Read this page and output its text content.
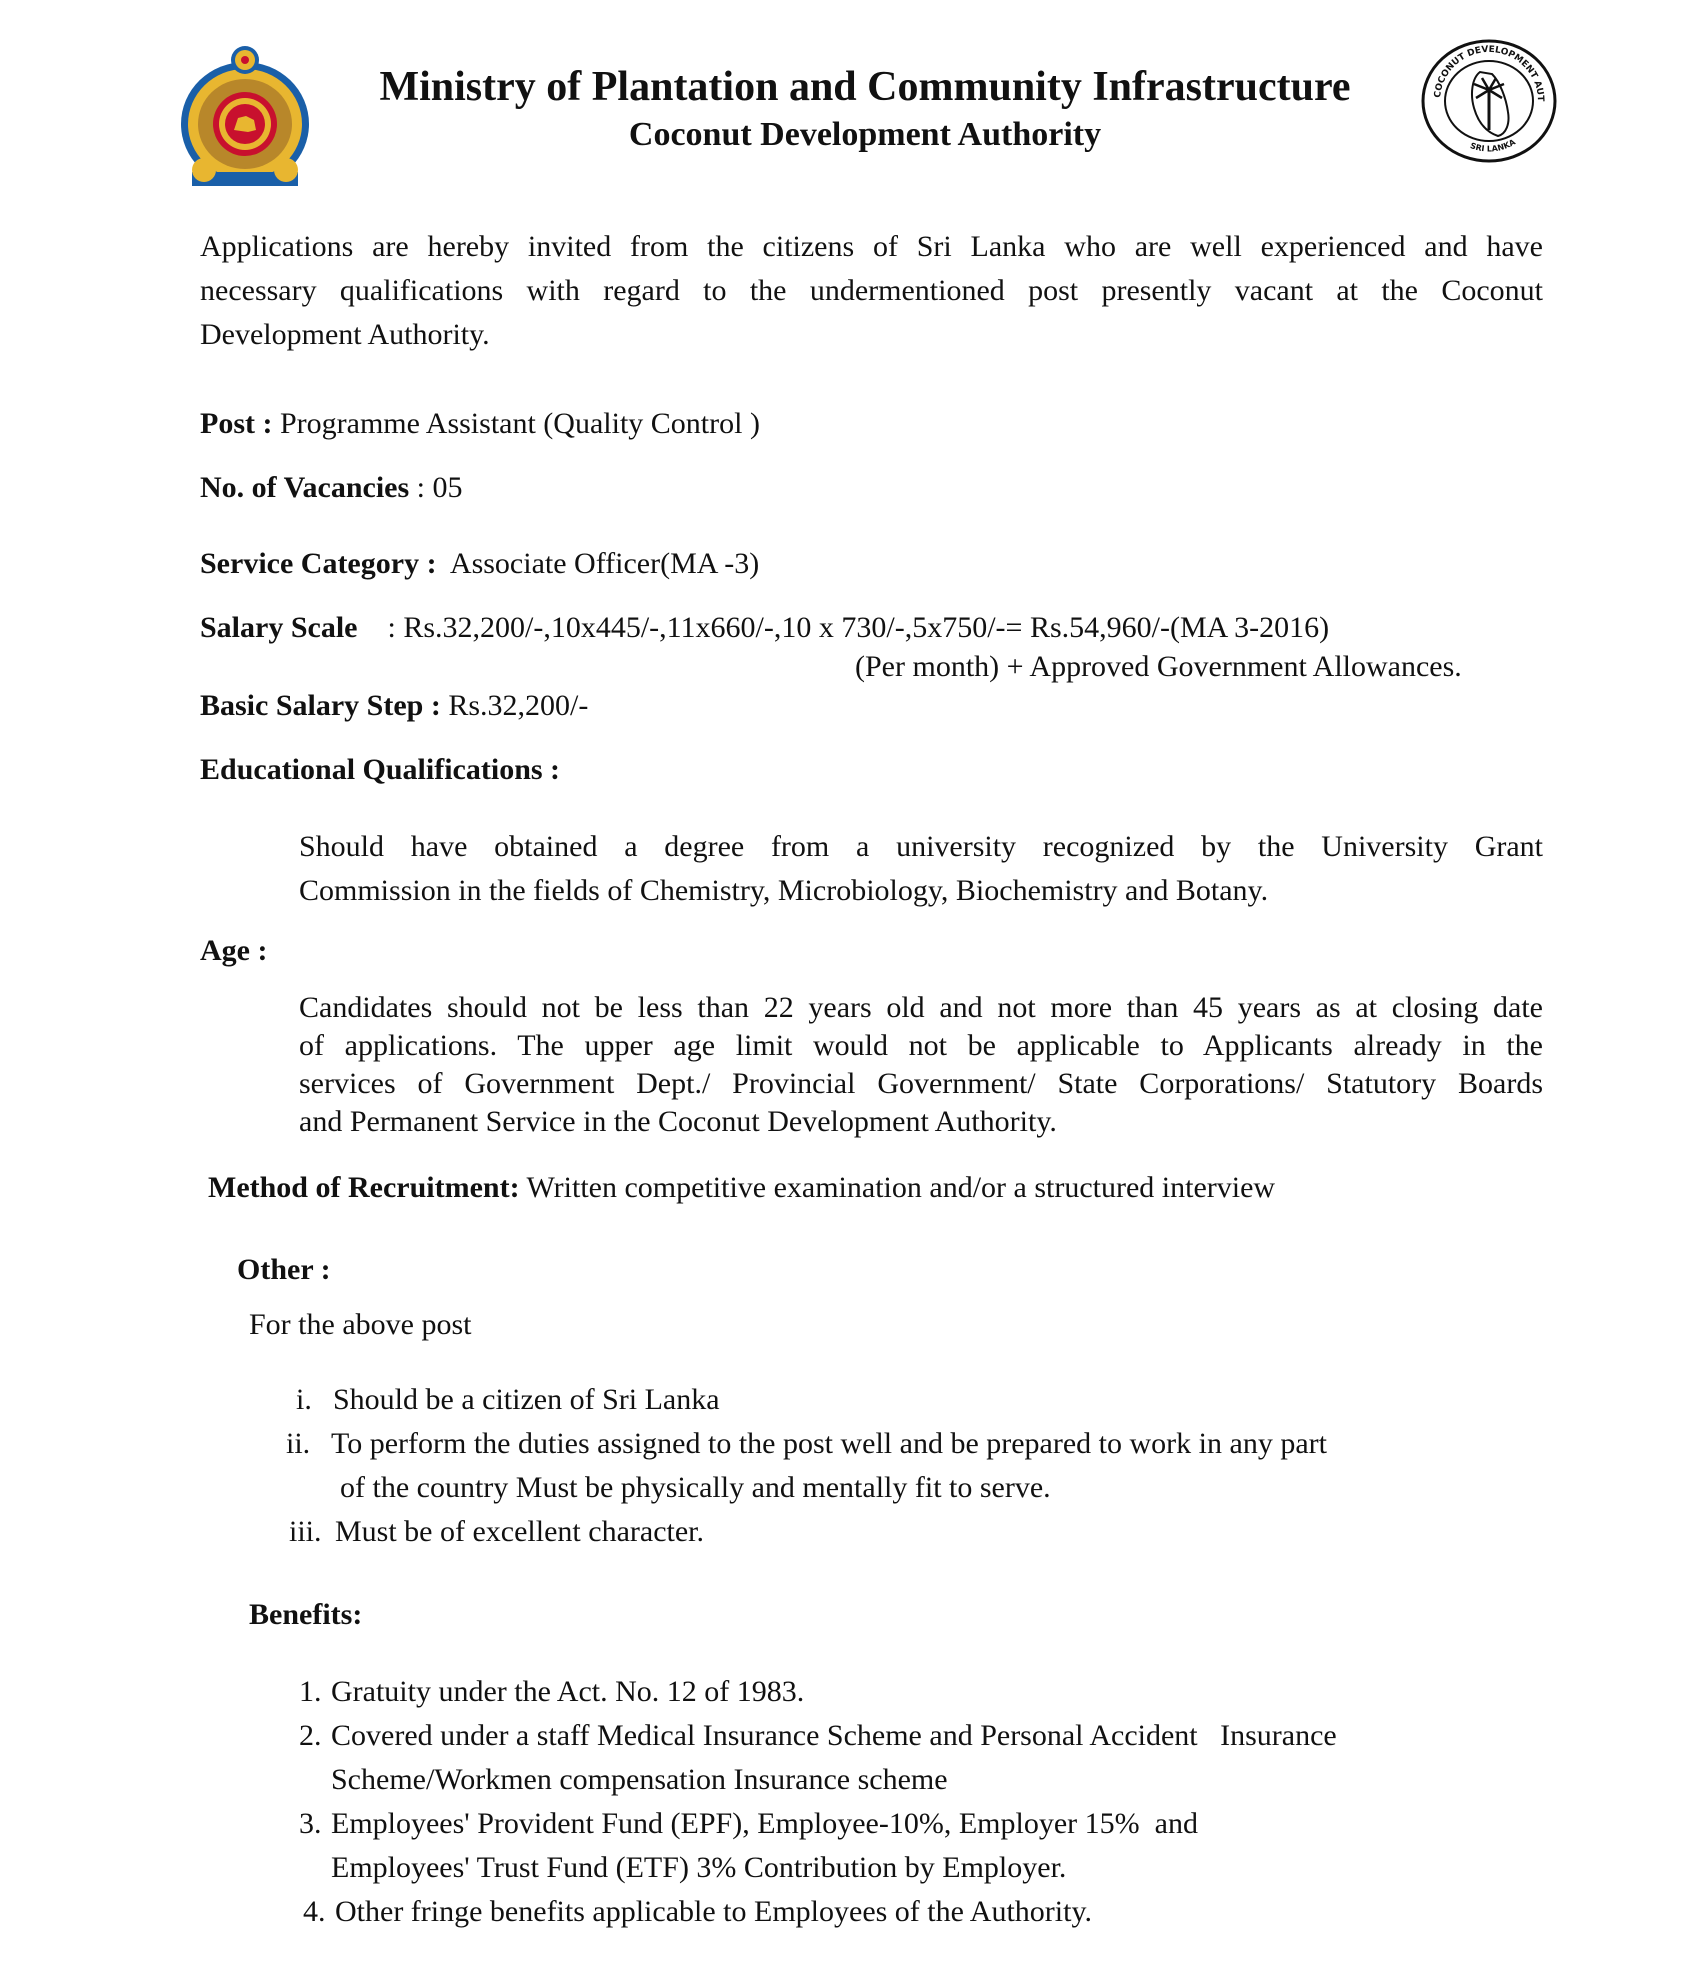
Ministry of Plantation and Community Infrastructure
Coconut Development Authority
COCONUT DEVELOPMENT AUT
SRI LANKA
Applications are hereby invited from the citizens of Sri Lanka who are well experienced and have
necessary qualifications with regard to the undermentioned post presently vacant at the Coconut
Development Authority.
Post : Programme Assistant (Quality Control )
No. of Vacancies : 05
Service Category : Associate Officer(MA -3)
Salary Scale : Rs.32,200/-,10x445/-,11x660/-,10 x 730/-,5x750/-= Rs.54,960/-(MA 3-2016)
(Per month) + Approved Government Allowances.
Basic Salary Step : Rs.32,200/-
Educational Qualifications :
Should have obtained a degree from a university recognized by the University Grant
Commission in the fields of Chemistry, Microbiology, Biochemistry and Botany.
Age :
Candidates should not be less than 22 years old and not more than 45 years as at closing date
of applications. The upper age limit would not be applicable to Applicants already in the
services of Government Dept./ Provincial Government/ State Corporations/ Statutory Boards
and Permanent Service in the Coconut Development Authority.
Method of Recruitment: Written competitive examination and/or a structured interview
Other :
For the above post
i. Should be a citizen of Sri Lanka
ii. To perform the duties assigned to the post well and be prepared to work in any part
of the country Must be physically and mentally fit to serve.
iii. Must be of excellent character.
Benefits:
1. Gratuity under the Act. No. 12 of 1983.
2. Covered under a staff Medical Insurance Scheme and Personal Accident   Insurance
Scheme/Workmen compensation Insurance scheme
3. Employees' Provident Fund (EPF), Employee-10%, Employer 15%  and
Employees' Trust Fund (ETF) 3% Contribution by Employer.
4. Other fringe benefits applicable to Employees of the Authority.
